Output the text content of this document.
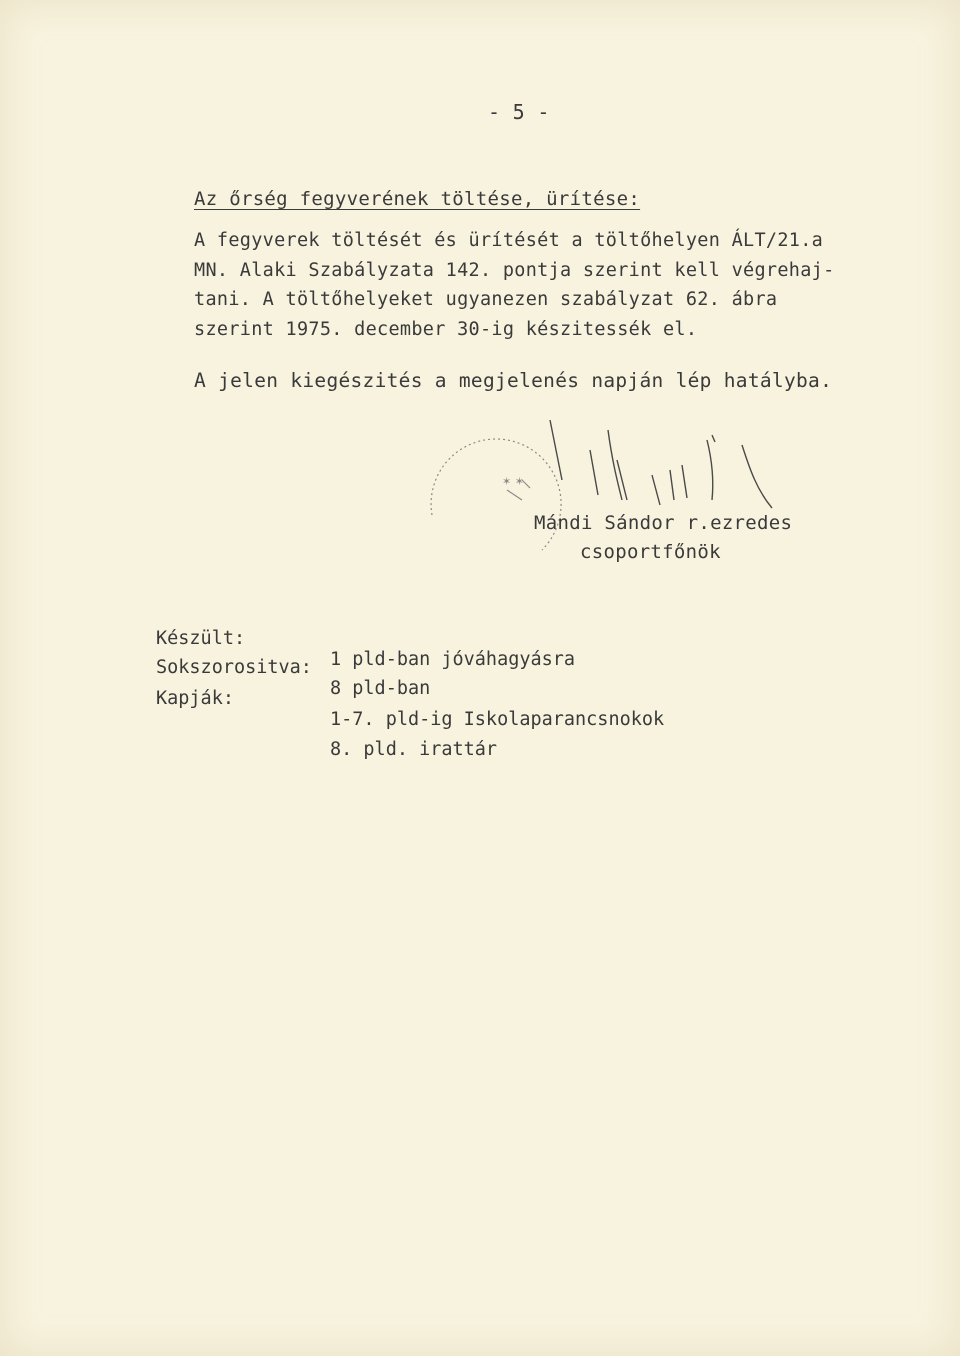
- 5 -
Az őrség fegyverének töltése, ürítése:
A fegyverek töltését és ürítését a töltőhelyen ÁLT/21.a
MN. Alaki Szabályzata 142. pontja szerint kell végrehaj-
tani. A töltőhelyeket ugyanezen szabályzat 62. ábra
szerint 1975. december 30-ig készitessék el.
A jelen kiegészités a megjelenés napján lép hatályba.
✶ ✶
Mándi Sándor r.ezredes
csoportfőnök

Készült:

1 pld-ban jóváhagyásra

Sokszorositva:

8 pld-ban

Kapják:

1-7. pld-ig Iskolaparancsnokok

8. pld. irattár
